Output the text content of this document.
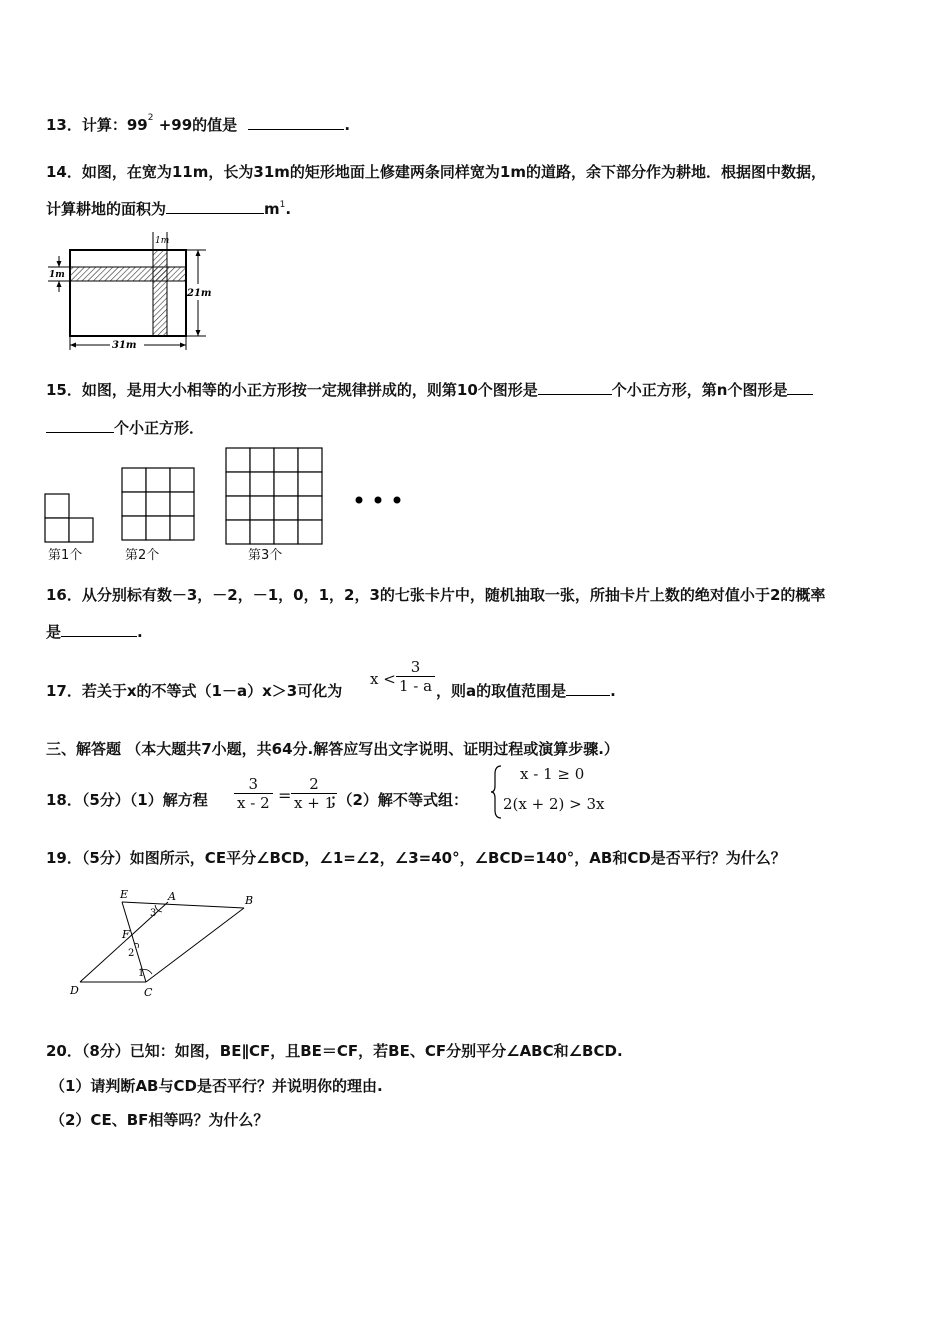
13．计算：$99^2 +99$的值是	.
14．如图，在宽为11m，长为31m的矩形地面上修建两条同样宽为1m的道路，余下部分作为耕地．根据图中数据，
计算耕地的面积为	$m^1$.
1m
1m
21m
31m
15．如图，是用大小相等的小正方形按一定规律拼成的，则第10个图形是	个小正方形，第n个图形是
个小正方形．
第1个	第2个	第3个
16．从分别标有数－3，－2，－1，0，1，2，3的七张卡片中，随机抽取一张，所抽卡片上数的绝对值小于2的概率
是	.
17．若关于x的不等式（1－a）x＞3可化为
$x < \frac{3}{1 - a}$ ，则a的取值范围是	.
三、解答题 （本大题共7小题，共64分.解答应写出文字说明、证明过程或演算步骤.）
18．（5分）（1）解方程 $\frac{3}{x - 2} = \frac{2}{x + 1}$
；（2）解不等式组：
x - 1 ≥ 0
2(x + 2) > 3x
19．（5分）如图所示，CE平分∠BCD，∠1=∠2，∠3=40°，∠BCD=140°，AB和CD是否平行？为什么？
E	A	B
F
D	C
3
2
1
20．（8分）已知：如图，BE∥CF，且BE＝CF，若BE、CF分别平分∠ABC和∠BCD.
（1）请判断AB与CD是否平行？并说明你的理由.
（2）CE、BF相等吗？为什么？
